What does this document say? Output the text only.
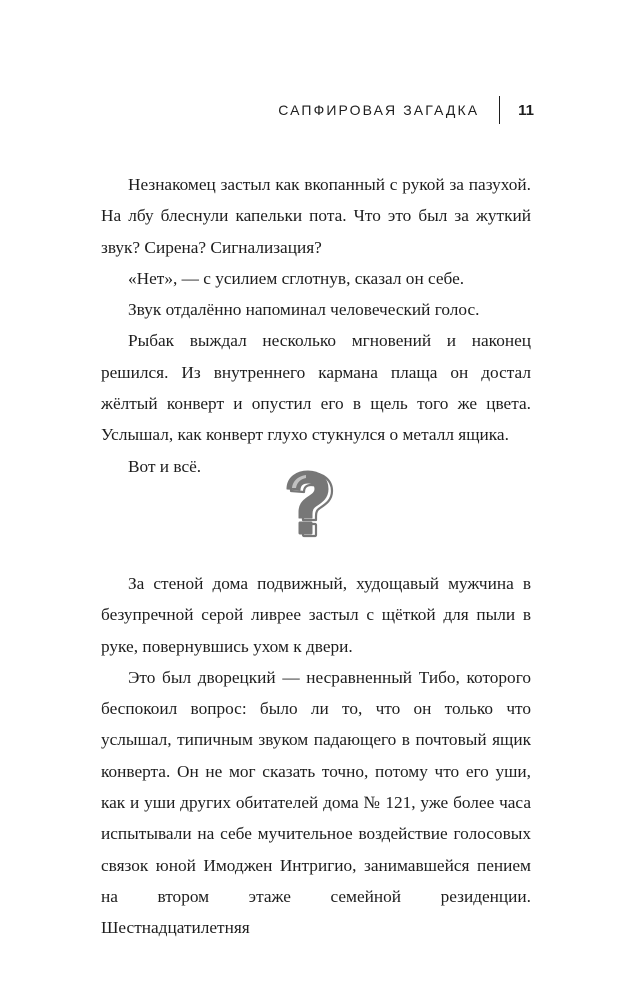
САПФИРОВАЯ ЗАГАДКА	11

Незнакомец застыл как вкопанный с рукой за пазухой. На лбу блеснули капельки пота. Что это был за жуткий звук? Сирена? Сигнализация?

«Нет», — с усилием сглотнув, сказал он себе.

Звук отдалённо напоминал человеческий голос.

Рыбак выждал несколько мгновений и наконец решился. Из внутреннего кармана плаща он достал жёлтый конверт и опустил его в щель того же цвета. Услышал, как конверт глухо стукнулся о металл ящика.

Вот и всё.

За стеной дома подвижный, худощавый мужчина в безупречной серой ливрее застыл с щёткой для пыли в руке, повернувшись ухом к двери.

Это был дворецкий — несравненный Тибо, которого беспокоил вопрос: было ли то, что он только что услышал, типичным звуком падающего в почтовый ящик конверта. Он не мог сказать точно, потому что его уши, как и уши других обитателей дома № 121, уже более часа испытывали на себе мучительное воздействие голосовых связок юной Имоджен Интригио, занимавшейся пением на втором этаже семейной резиденции. Шестнадцатилетняя
